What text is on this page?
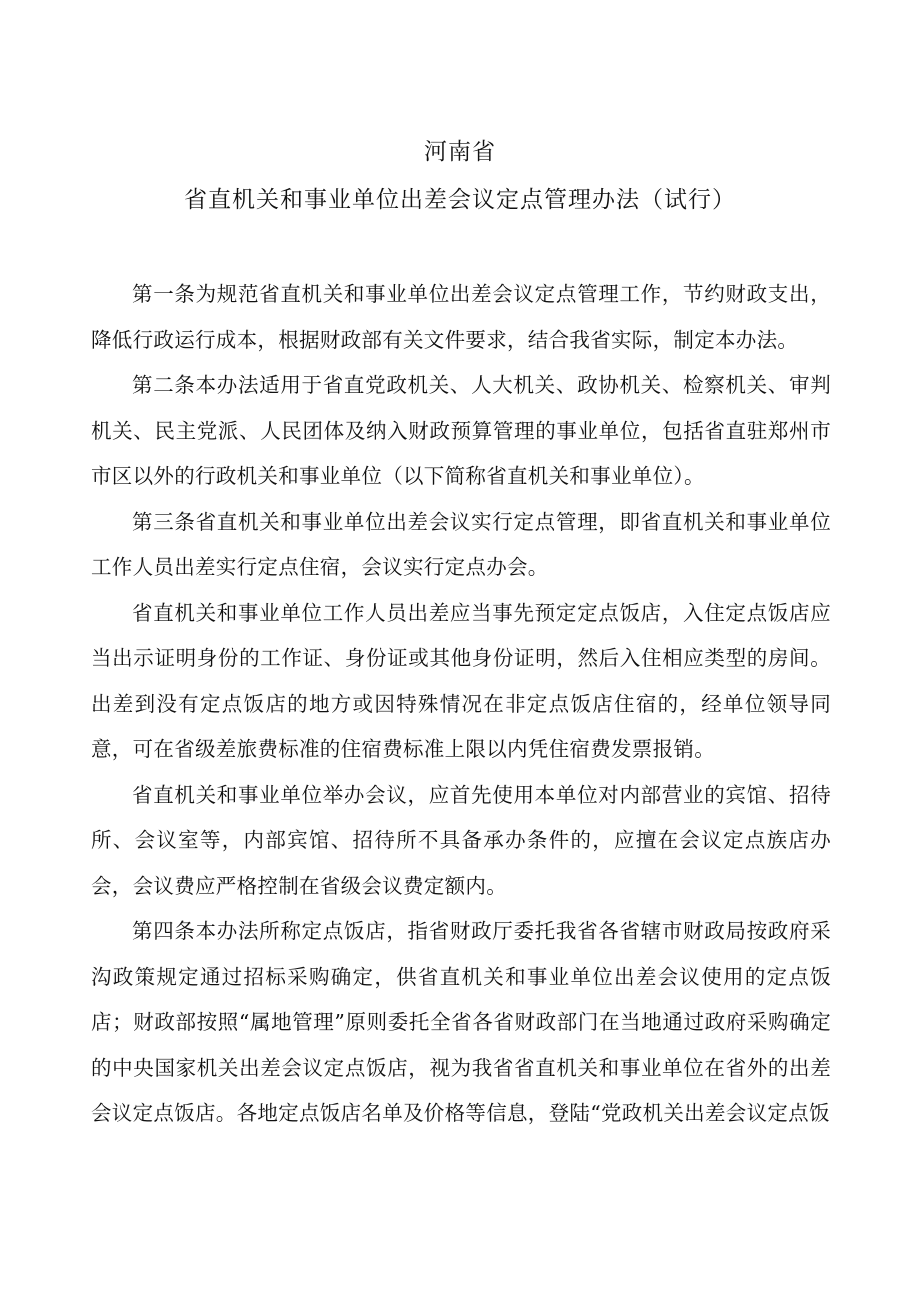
河南省
省直机关和事业单位出差会议定点管理办法（试行）

第一条为规范省直机关和事业单位出差会议定点管理工作，节约财政支出，降低行政运行成本，根据财政部有关文件要求，结合我省实际，制定本办法。

第二条本办法适用于省直党政机关、人大机关、政协机关、检察机关、审判机关、民主党派、人民团体及纳入财政预算管理的事业单位，包括省直驻郑州市市区以外的行政机关和事业单位（以下简称省直机关和事业单位）。

第三条省直机关和事业单位出差会议实行定点管理，即省直机关和事业单位工作人员出差实行定点住宿，会议实行定点办会。

省直机关和事业单位工作人员出差应当事先预定定点饭店，入住定点饭店应当出示证明身份的工作证、身份证或其他身份证明，然后入住相应类型的房间。出差到没有定点饭店的地方或因特殊情况在非定点饭店住宿的，经单位领导同意，可在省级差旅费标准的住宿费标准上限以内凭住宿费发票报销。

省直机关和事业单位举办会议，应首先使用本单位对内部营业的宾馆、招待所、会议室等，内部宾馆、招待所不具备承办条件的，应擅在会议定点族店办会，会议费应严格控制在省级会议费定额内。

第四条本办法所称定点饭店，指省财政厅委托我省各省辖市财政局按政府采沟政策规定通过招标采购确定，供省直机关和事业单位出差会议使用的定点饭店；财政部按照“属地管理”原则委托全省各省财政部门在当地通过政府采购确定的中央国家机关出差会议定点饭店，视为我省省直机关和事业单位在省外的出差会议定点饭店。各地定点饭店名单及价格等信息，登陆“党政机关出差会议定点饭
